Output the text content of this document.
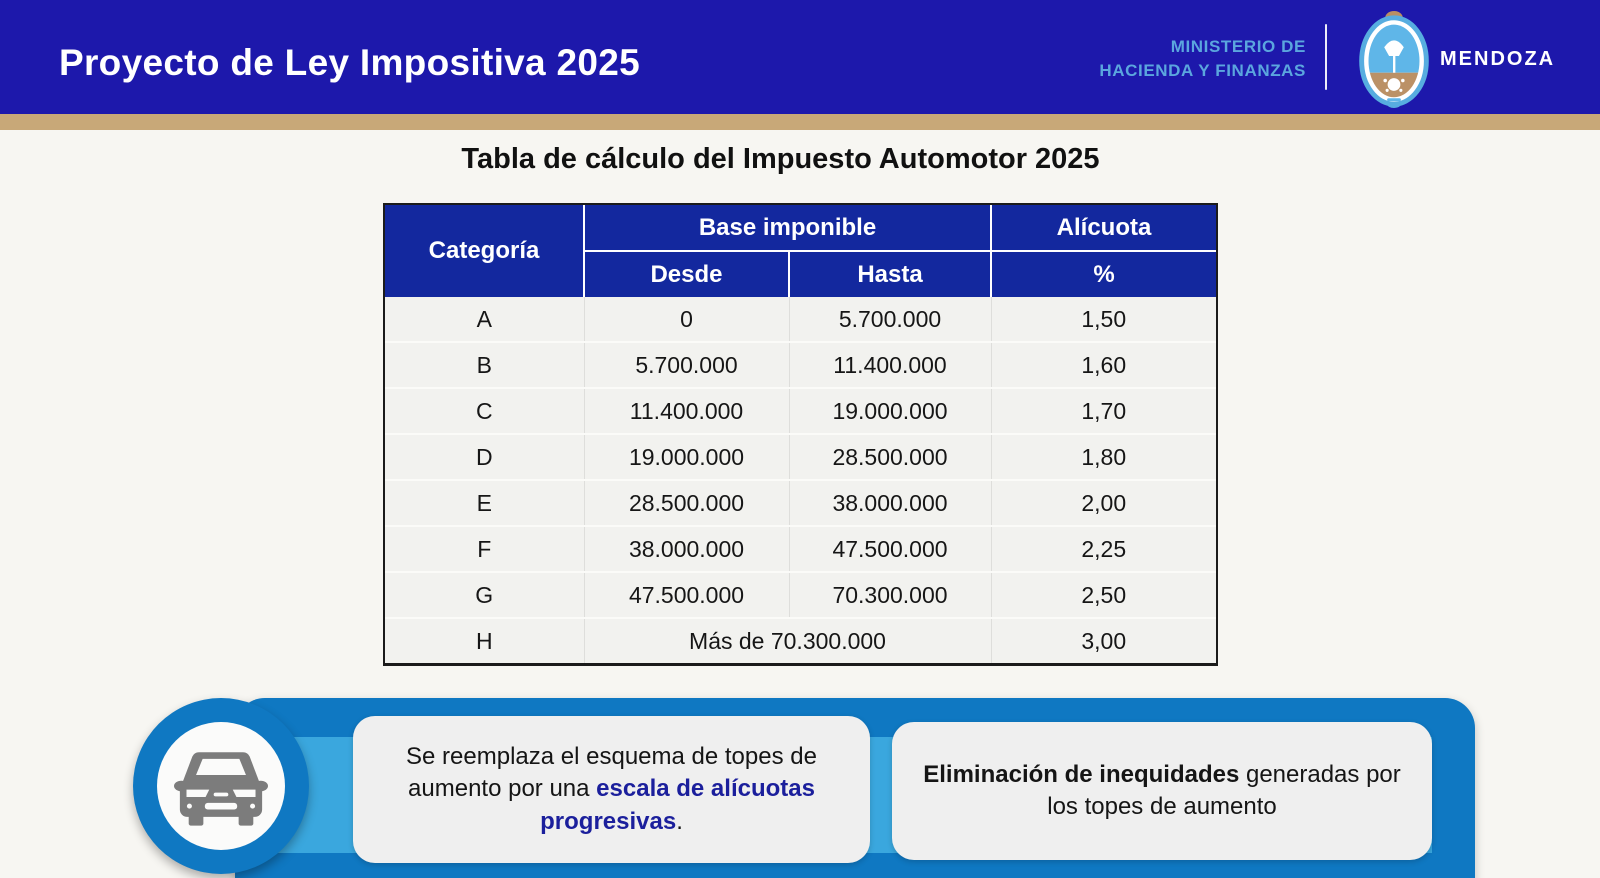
Proyecto de Ley Impositiva 2025	MINISTERIO DE
HACIENDA Y FINANZAS
MENDOZA
Tabla de cálculo del Impuesto Automotor 2025
Categoría	Base imponible		Alícuota
	Desde	Hasta	%
A	0	5.700.000	1,50
B	5.700.000	11.400.000	1,60
C	11.400.000	19.000.000	1,70
D	19.000.000	28.500.000	1,80
E	28.500.000	38.000.000	2,00
F	38.000.000	47.500.000	2,25
G	47.500.000	70.300.000	2,50
H	Más de 70.300.000		3,00
Se reemplaza el esquema de topes de aumento por una escala de alícuotas progresivas.
Eliminación de inequidades generadas por los topes de aumento
